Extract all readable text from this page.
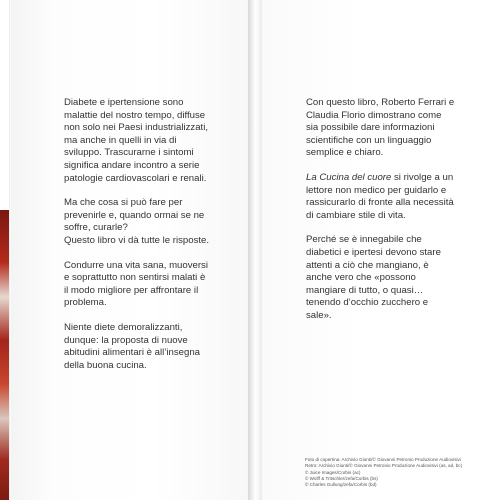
Diabete e ipertensione sono malattie del nostro tempo, diffuse non solo nei Paesi industrializzati, ma anche in quelli in via di sviluppo. Trascurarne i sintomi significa andare incontro a serie patologie cardiovascolari e renali.

Ma che cosa si può fare per prevenirle e, quando ormai se ne soffre, curarle?

Questo libro vi dà tutte le risposte.

Condurre una vita sana, muoversi e soprattutto non sentirsi malati è il modo migliore per affrontare il problema.

Niente diete demoralizzanti, dunque: la proposta di nuove abitudini alimentari è all’insegna della buona cucina.

Con questo libro, Roberto Ferrari e Claudia Florio dimostrano come sia possibile dare informazioni scientifiche con un linguaggio semplice e chiaro.

La Cucina del cuore si rivolge a un lettore non medico per guidarlo e rassicurarlo di fronte alla necessità di cambiare stile di vita.

Perché se è innegabile che diabetici e ipertesi devono stare attenti a ciò che mangiano, è anche vero che «possono mangiare di tutto, o quasi… tenendo d’occhio zucchero e sale».

Foto di copertina: Archivio Giunti/© Giovanni Petronio Produzione Audiovisivi
Retro: Archivio Giunti/© Giovanni Petronio Produzione Audiovisivi (as, ad, bc)
© Juice Images/Corbis (ac)
© Wolff & Tritschler/zefa/Corbis (bs)
© Charles Gullung/zefa/Corbis (bd)
